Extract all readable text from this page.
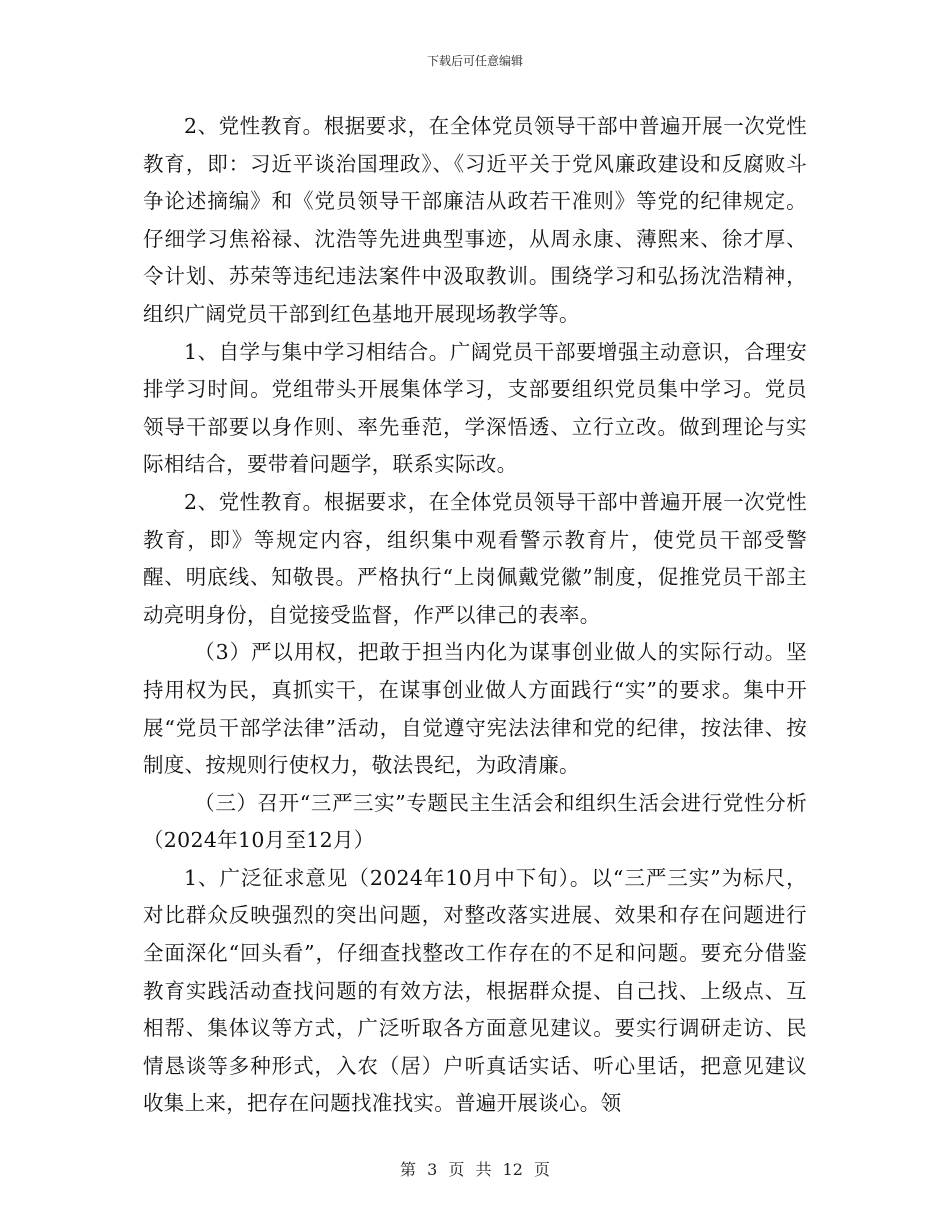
下载后可任意编辑

2、党性教育。根据要求，在全体党员领导干部中普遍开展一次党性教育，即：习近平谈治国理政》、《习近平关于党风廉政建设和反腐败斗争论述摘编》和《党员领导干部廉洁从政若干准则》等党的纪律规定。仔细学习焦裕禄、沈浩等先进典型事迹，从周永康、薄熙来、徐才厚、令计划、苏荣等违纪违法案件中汲取教训。围绕学习和弘扬沈浩精神，组织广阔党员干部到红色基地开展现场教学等。

1、自学与集中学习相结合。广阔党员干部要增强主动意识，合理安排学习时间。党组带头开展集体学习，支部要组织党员集中学习。党员领导干部要以身作则、率先垂范，学深悟透、立行立改。做到理论与实际相结合，要带着问题学，联系实际改。

2、党性教育。根据要求，在全体党员领导干部中普遍开展一次党性教育，即》等规定内容，组织集中观看警示教育片，使党员干部受警醒、明底线、知敬畏。严格执行“上岗佩戴党徽”制度，促推党员干部主动亮明身份，自觉接受监督，作严以律己的表率。

（3）严以用权，把敢于担当内化为谋事创业做人的实际行动。坚持用权为民，真抓实干，在谋事创业做人方面践行“实”的要求。集中开展“党员干部学法律”活动，自觉遵守宪法法律和党的纪律，按法律、按制度、按规则行使权力，敬法畏纪，为政清廉。

（三）召开“三严三实”专题民主生活会和组织生活会进行党性分析（2024年10月至12月）

1、广泛征求意见（2024年10月中下旬）。以“三严三实”为标尺，对比群众反映强烈的突出问题，对整改落实进展、效果和存在问题进行全面深化“回头看”，仔细查找整改工作存在的不足和问题。要充分借鉴教育实践活动查找问题的有效方法，根据群众提、自己找、上级点、互相帮、集体议等方式，广泛听取各方面意见建议。要实行调研走访、民情恳谈等多种形式，入农（居）户听真话实话、听心里话，把意见建议收集上来，把存在问题找准找实。普遍开展谈心。领

第 3 页 共 12 页
